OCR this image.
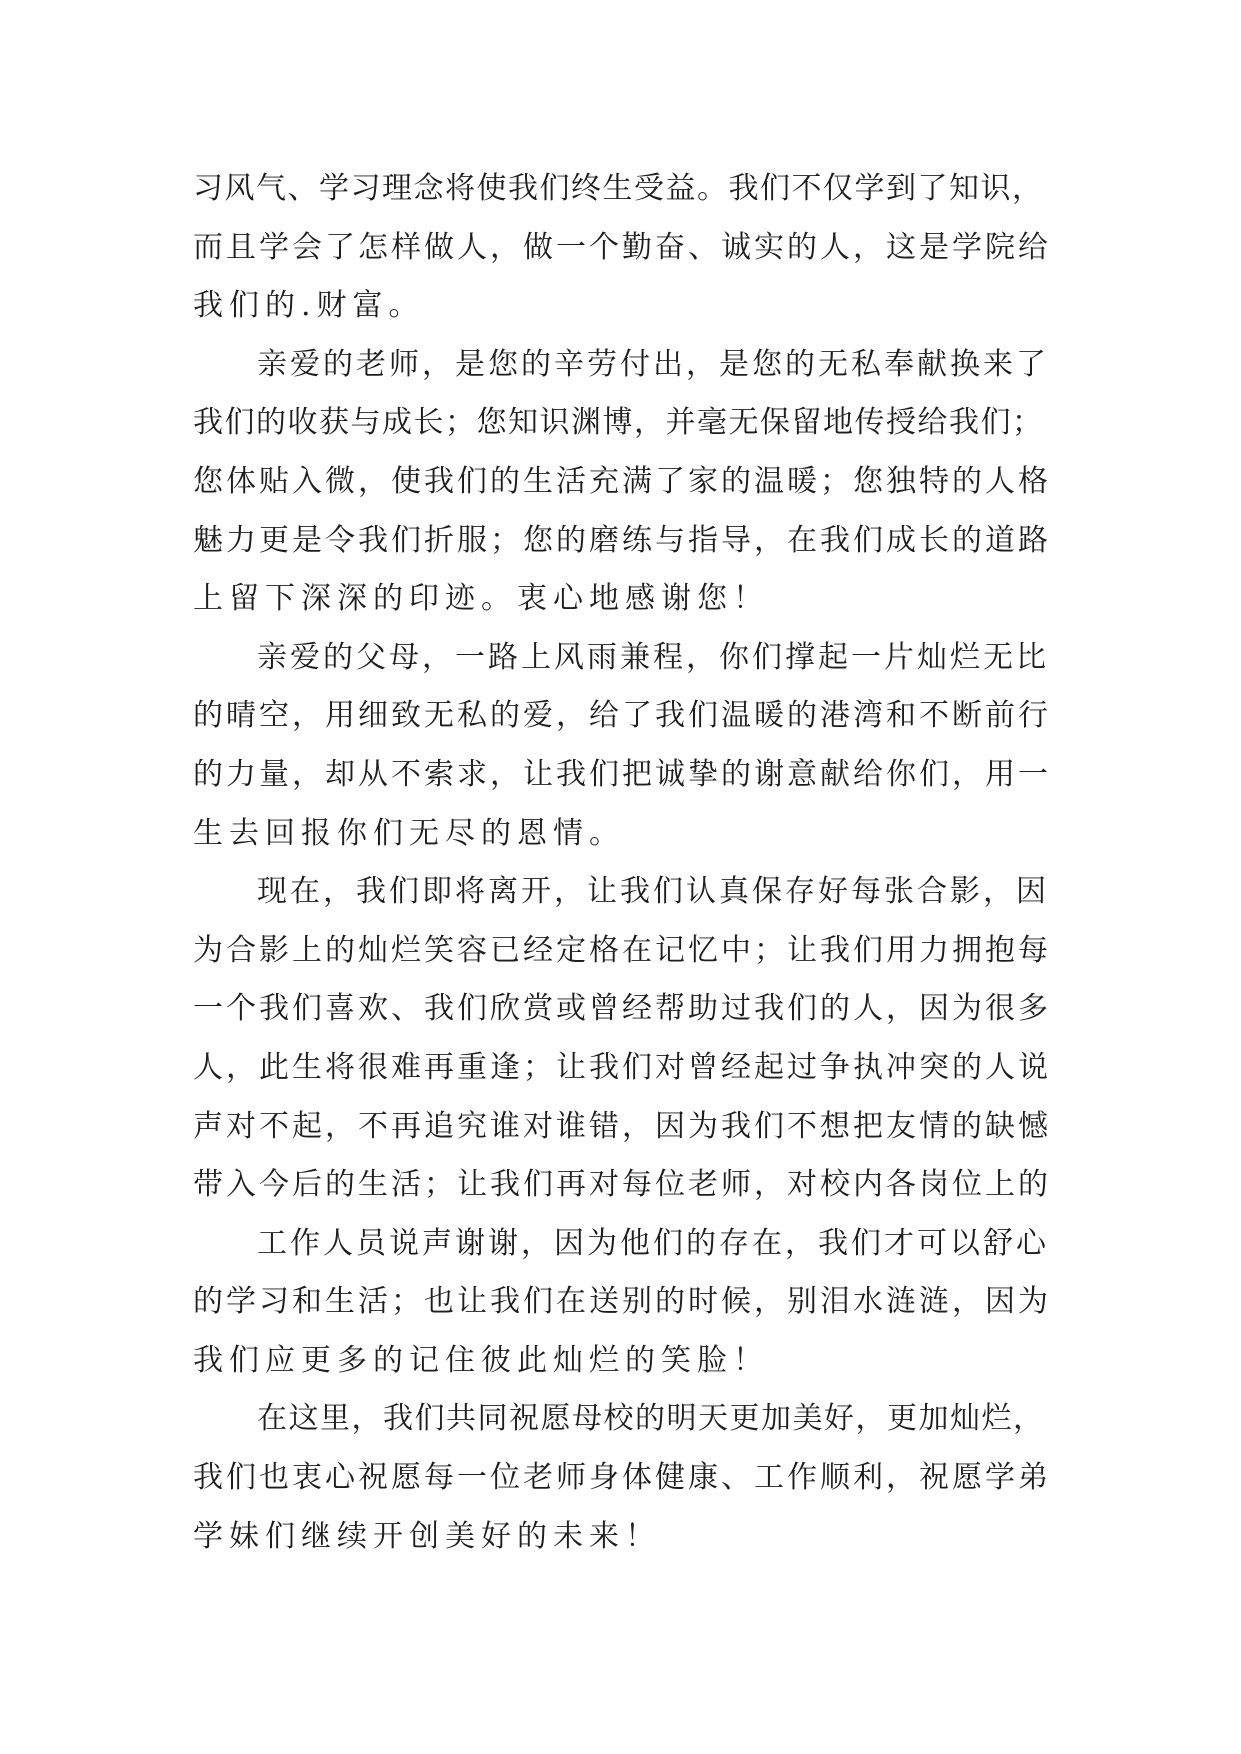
习风气、学习理念将使我们终生受益。我们不仅学到了知识，
而且学会了怎样做人，做一个勤奋、诚实的人，这是学院给
我们的.财富。
亲爱的老师，是您的辛劳付出，是您的无私奉献换来了
我们的收获与成长；您知识渊博，并毫无保留地传授给我们；
您体贴入微，使我们的生活充满了家的温暖；您独特的人格
魅力更是令我们折服；您的磨练与指导，在我们成长的道路
上留下深深的印迹。衷心地感谢您！
亲爱的父母，一路上风雨兼程，你们撑起一片灿烂无比
的晴空，用细致无私的爱，给了我们温暖的港湾和不断前行
的力量，却从不索求，让我们把诚挚的谢意献给你们，用一
生去回报你们无尽的恩情。
现在，我们即将离开，让我们认真保存好每张合影，因
为合影上的灿烂笑容已经定格在记忆中；让我们用力拥抱每
一个我们喜欢、我们欣赏或曾经帮助过我们的人，因为很多
人，此生将很难再重逢；让我们对曾经起过争执冲突的人说
声对不起，不再追究谁对谁错，因为我们不想把友情的缺憾
带入今后的生活；让我们再对每位老师，对校内各岗位上的
工作人员说声谢谢，因为他们的存在，我们才可以舒心
的学习和生活；也让我们在送别的时候，别泪水涟涟，因为
我们应更多的记住彼此灿烂的笑脸！
在这里，我们共同祝愿母校的明天更加美好，更加灿烂，
我们也衷心祝愿每一位老师身体健康、工作顺利，祝愿学弟
学妹们继续开创美好的未来！
